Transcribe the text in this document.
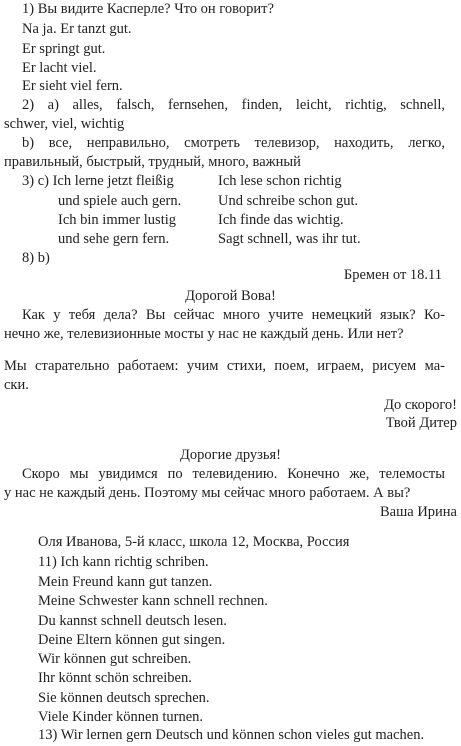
1) Вы видите Касперле? Что он говорит?
Na ja. Er tanzt gut.
Er springt gut.
Er lacht viel.
Er sieht viel fern.
2) a) alles, falsch, fernsehen, finden, leicht, richtig, schnell,
schwer, viel, wichtig
b) все, неправильно, смотреть телевизор, находить, легко,
правильный, быстрый, трудный, много, важный
3) c) Ich lerne jetzt fleißig	Ich lese schon richtig
und spiele auch gern.	Und schreibe schon gut.
Ich bin immer lustig	Ich finde das wichtig.
und sehe gern fern.	Sagt schnell, was ihr tut.
8) b)
Бремен от 18.11
Дорогой Вова!
Как у тебя дела? Вы сейчас много учите немецкий язык? Ко-
нечно же, телевизионные мосты у нас не каждый день. Или нет?
Мы старательно работаем: учим стихи, поем, играем, рисуем ма-
ски.
До скорого!
Твой Дитер
Дорогие друзья!
Скоро мы увидимся по телевидению. Конечно же, телемосты
у нас не каждый день. Поэтому мы сейчас много работаем. А вы?
Ваша Ирина
Оля Иванова, 5-й класс, школа 12, Москва, Россия
11) Ich kann richtig schriben.
Mein Freund kann gut tanzen.
Meine Schwester kann schnell rechnen.
Du kannst schnell deutsch lesen.
Deine Eltern können gut singen.
Wir können gut schreiben.
Ihr könnt schön schreiben.
Sie können deutsch sprechen.
Viele Kinder können turnen.
13) Wir lernen gern Deutsch und können schon vieles gut machen.
